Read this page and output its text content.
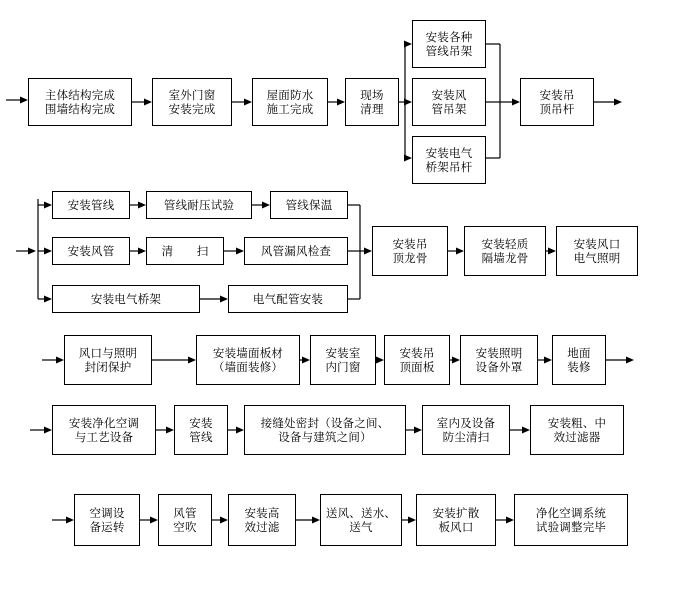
主体结构完成
围墙结构完成
室外门窗
安装完成
屋面防水
施工完成
现场
清理
安装各种
管线吊架
安装风
管吊架
安装电气
桥架吊杆
安装吊
顶吊杆
安装管线	管线耐压试验	管线保温
安装风管	清　　扫	风管漏风检查
安装电气桥架	电气配管安装
安装吊
顶龙骨
安装轻质
隔墙龙骨
安装风口
电气照明
风口与照明
封闭保护
安装墙面板材
（墙面装修）
安装室
内门窗
安装吊
顶面板
安装照明
设备外罩
地面
装修
安装净化空调
与工艺设备
安装
管线
接缝处密封（设备之间、
设备与建筑之间）
室内及设备
防尘清扫
安装粗、中
效过滤器
空调设
备运转
风管
空吹
安装高
效过滤
送风、送水、
送气
安装扩散
板风口
净化空调系统
试验调整完毕
